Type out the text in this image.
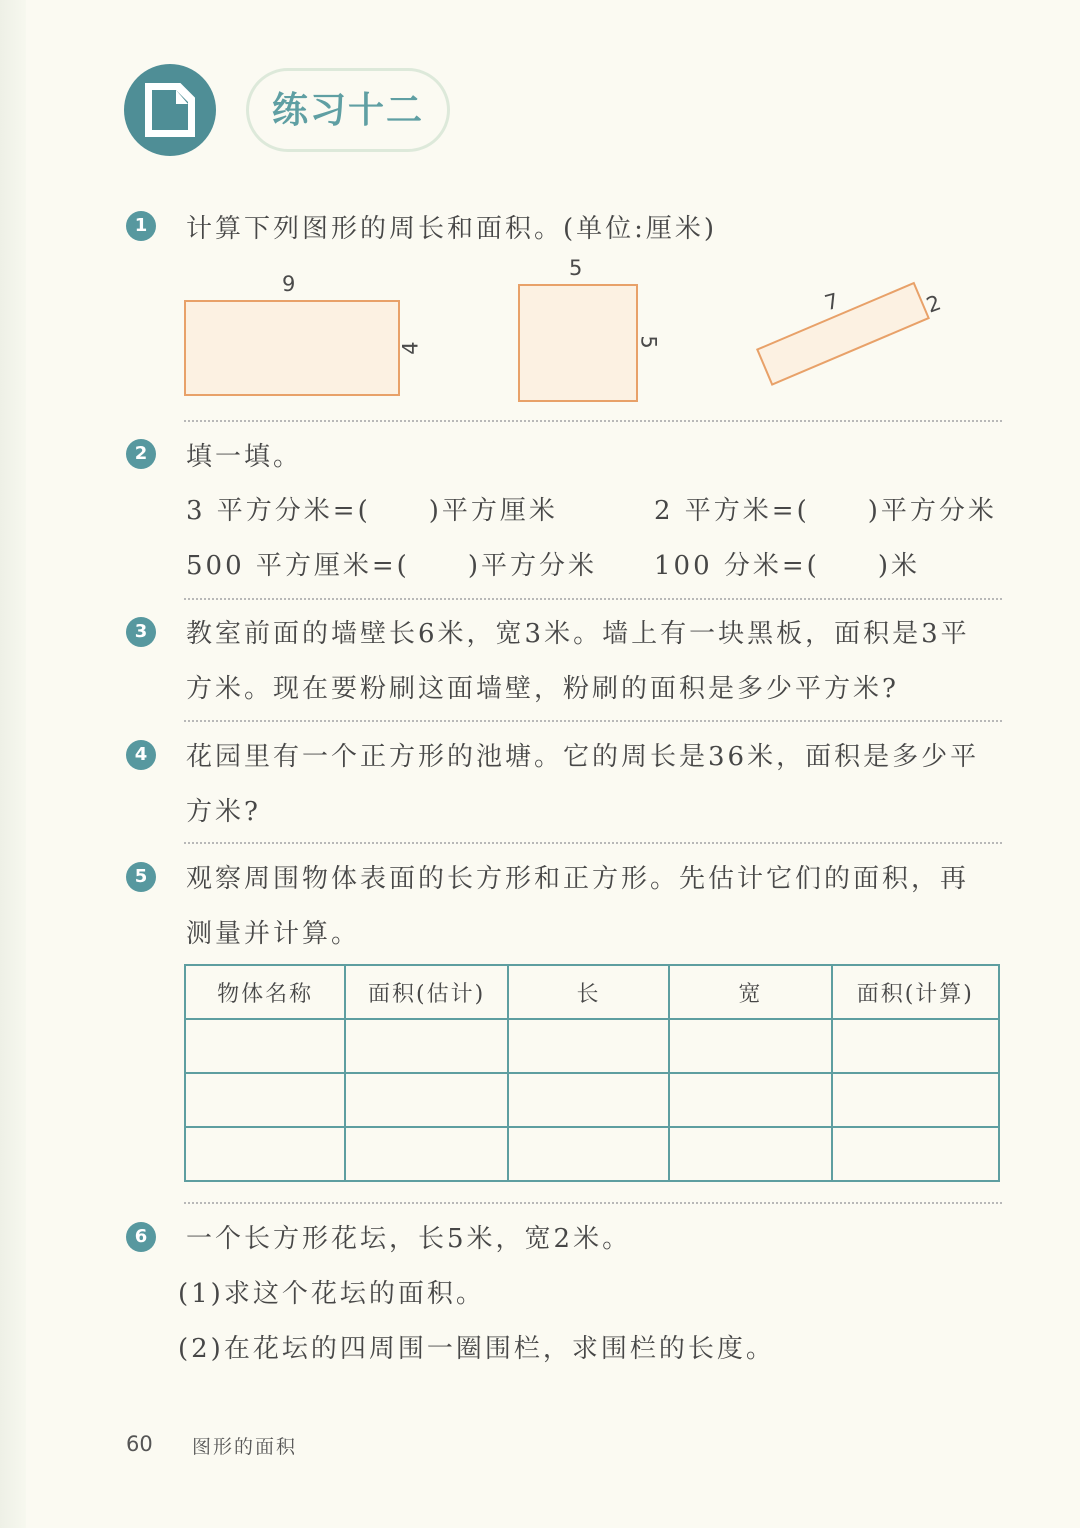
练习十二
1	计算下列图形的周长和面积。(单位:厘米)
9
4
5
5
7	2
2	填一填。
3 平方分米=(　　)平方厘米	2 平方米=(　　)平方分米
500 平方厘米=(　　)平方分米 100 分米=(　　)米
3	教室前面的墙壁长6米，宽3米。墙上有一块黑板，面积是3平
方米。现在要粉刷这面墙壁，粉刷的面积是多少平方米?
4	花园里有一个正方形的池塘。它的周长是36米，面积是多少平
方米?
5	观察周围物体表面的长方形和正方形。先估计它们的面积，再
测量并计算。
物体名称	面积(估计)	长	宽	面积(计算)

6	一个长方形花坛，长5米，宽2米。
(1)求这个花坛的面积。
(2)在花坛的四周围一圈围栏，求围栏的长度。
60 图形的面积
